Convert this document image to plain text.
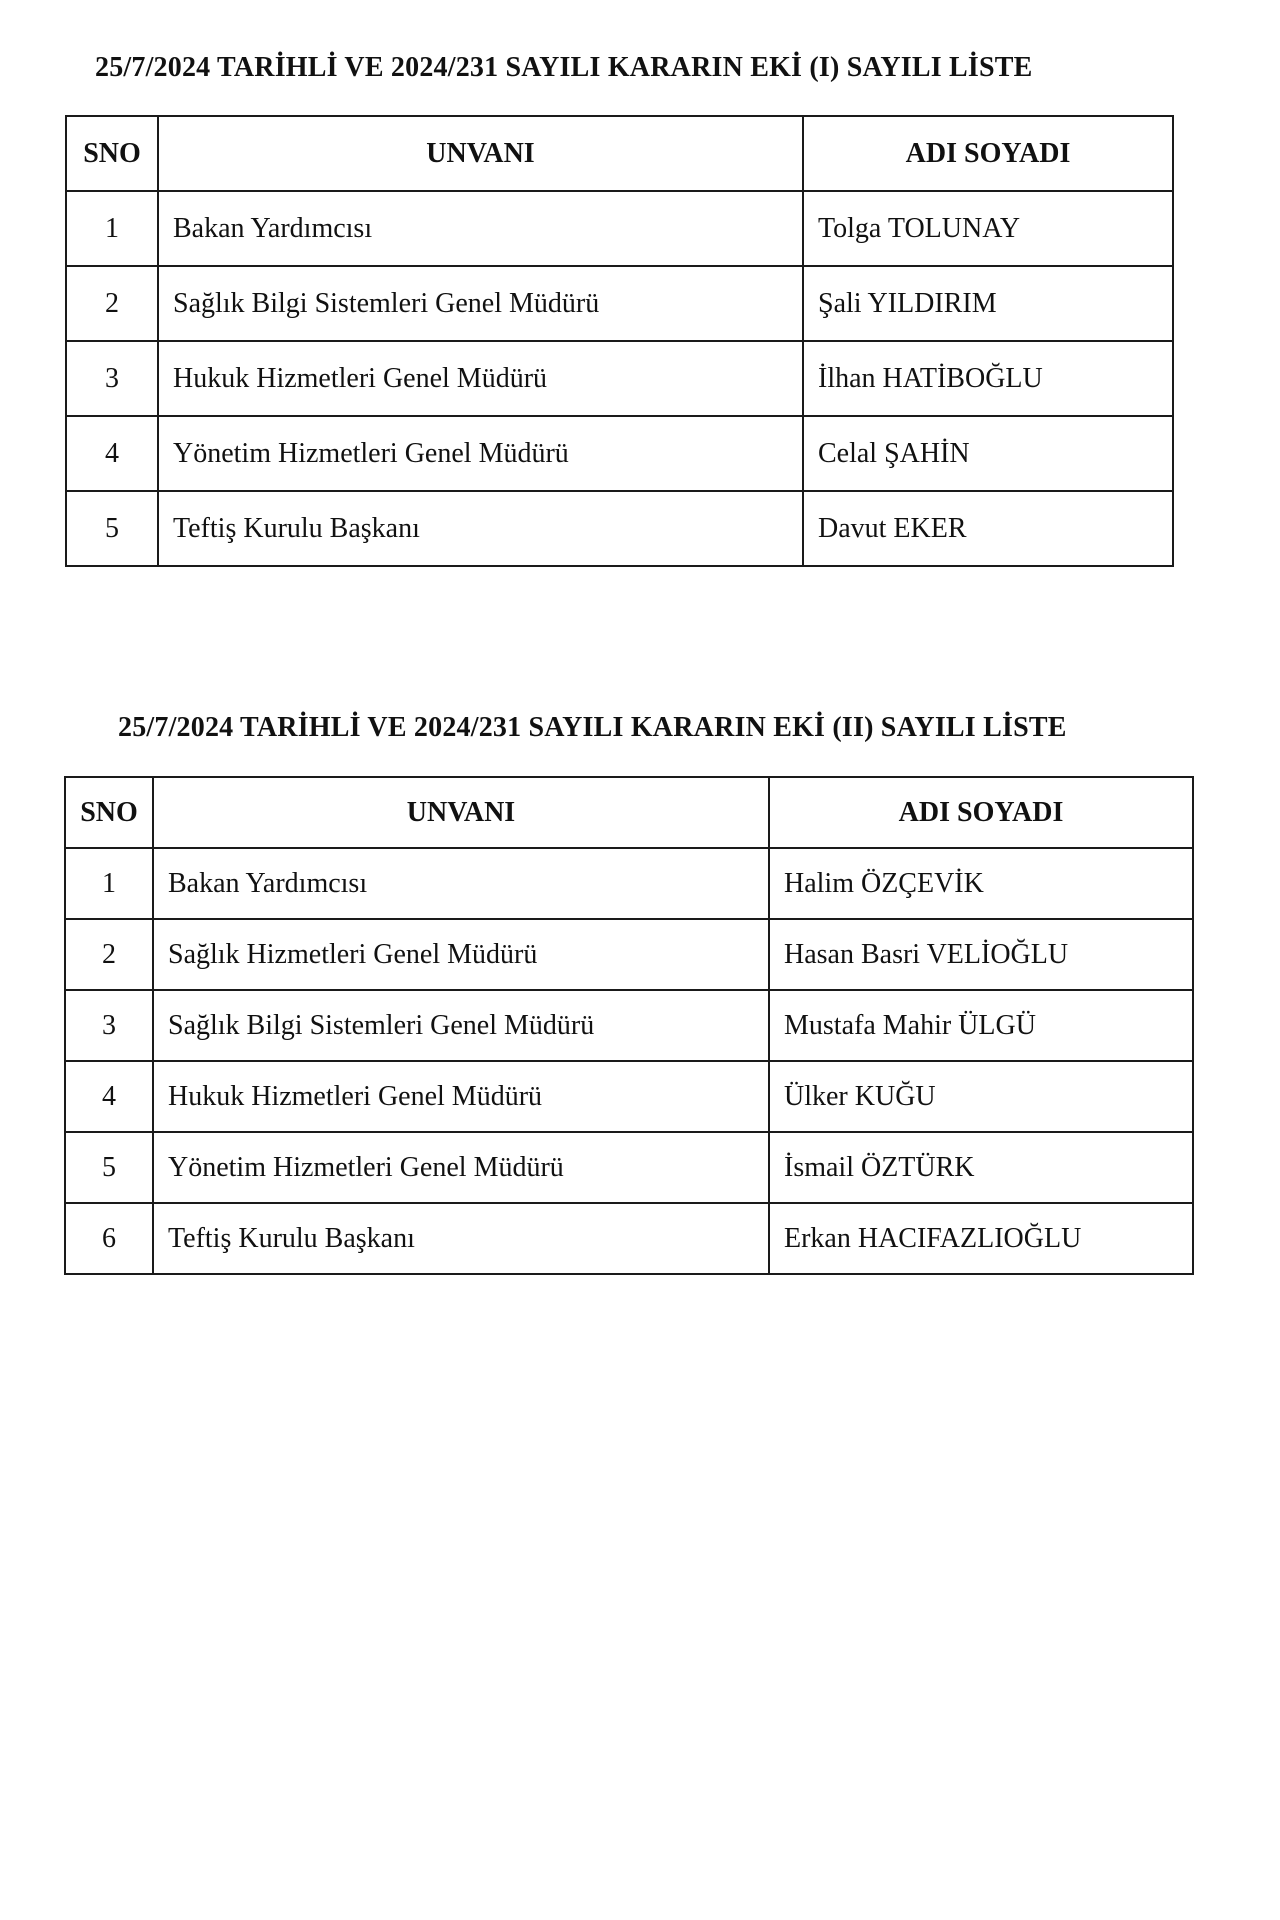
25/7/2024 TARİHLİ VE 2024/231 SAYILI KARARIN EKİ (I) SAYILI LİSTE
SNO	UNVANI	ADI SOYADI
1	Bakan Yardımcısı	Tolga TOLUNAY
2	Sağlık Bilgi Sistemleri Genel Müdürü	Şali YILDIRIM
3	Hukuk Hizmetleri Genel Müdürü	İlhan HATİBOĞLU
4	Yönetim Hizmetleri Genel Müdürü	Celal ŞAHİN
5	Teftiş Kurulu Başkanı	Davut EKER
25/7/2024 TARİHLİ VE 2024/231 SAYILI KARARIN EKİ (II) SAYILI LİSTE
SNO	UNVANI	ADI SOYADI
1	Bakan Yardımcısı	Halim ÖZÇEVİK
2	Sağlık Hizmetleri Genel Müdürü	Hasan Basri VELİOĞLU
3	Sağlık Bilgi Sistemleri Genel Müdürü	Mustafa Mahir ÜLGÜ
4	Hukuk Hizmetleri Genel Müdürü	Ülker KUĞU
5	Yönetim Hizmetleri Genel Müdürü	İsmail ÖZTÜRK
6	Teftiş Kurulu Başkanı	Erkan HACIFAZLIOĞLU
